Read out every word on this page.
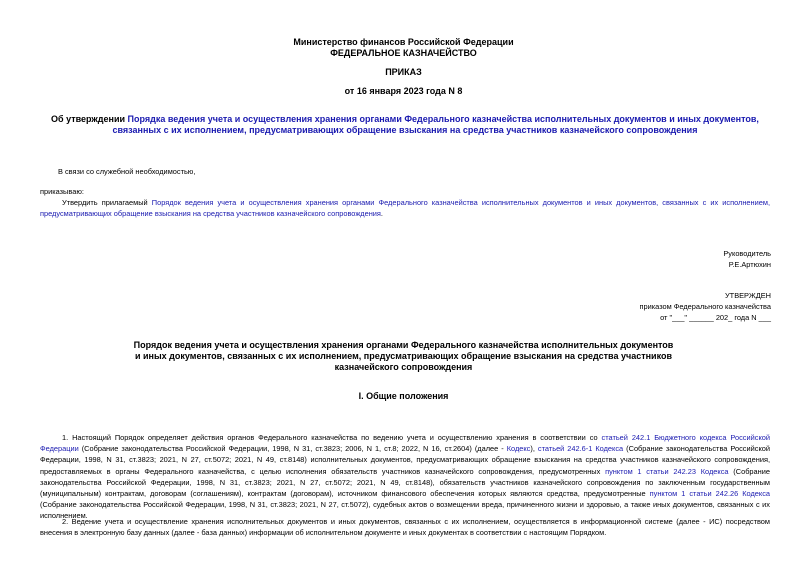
Министерство финансов Российской Федерации
ФЕДЕРАЛЬНОЕ КАЗНАЧЕЙСТВО
ПРИКАЗ
от 16 января 2023 года N 8
Об утверждении Порядка ведения учета и осуществления хранения органами Федерального казначейства исполнительных документов и иных документов, связанных с их исполнением, предусматривающих обращение взыскания на средства участников казначейского сопровождения
В связи со служебной необходимостью,
приказываю:
Утвердить прилагаемый Порядок ведения учета и осуществления хранения органами Федерального казначейства исполнительных документов и иных документов, связанных с их исполнением, предусматривающих обращение взыскания на средства участников казначейского сопровождения.
Руководитель
Р.Е.Артюхин
УТВЕРЖДЕН
приказом Федерального казначейства
от "___" ______ 202_ года N ___
Порядок ведения учета и осуществления хранения органами Федерального казначейства исполнительных документов и иных документов, связанных с их исполнением, предусматривающих обращение взыскания на средства участников казначейского сопровождения
I. Общие положения
1. Настоящий Порядок определяет действия органов Федерального казначейства по ведению учета и осуществлению хранения в соответствии со статьей 242.1 Бюджетного кодекса Российской Федерации (Собрание законодательства Российской Федерации, 1998, N 31, ст.3823; 2006, N 1, ст.8; 2022, N 16, ст.2604) (далее - Кодекс), статьей 242.6-1 Кодекса (Собрание законодательства Российской Федерации, 1998, N 31, ст.3823; 2021, N 27, ст.5072; 2021, N 49, ст.8148) исполнительных документов, предусматривающих обращение взыскания на средства участников казначейского сопровождения, предоставляемых в органы Федерального казначейства, с целью исполнения обязательств участников казначейского сопровождения, предусмотренных пунктом 1 статьи 242.23 Кодекса (Собрание законодательства Российской Федерации, 1998, N 31, ст.3823; 2021, N 27, ст.5072; 2021, N 49, ст.8148), обязательств участников казначейского сопровождения по заключенным государственным (муниципальным) контрактам, договорам (соглашениям), контрактам (договорам), источником финансового обеспечения которых являются средства, предусмотренные пунктом 1 статьи 242.26 Кодекса (Собрание законодательства Российской Федерации, 1998, N 31, ст.3823; 2021, N 27, ст.5072), судебных актов о возмещении вреда, причиненного жизни и здоровью, а также иных документов, связанных с их исполнением.
2. Ведение учета и осуществление хранения исполнительных документов и иных документов, связанных с их исполнением, осуществляется в информационной системе (далее - ИС) посредством внесения в электронную базу данных (далее - база данных) информации об исполнительном документе и иных документах в соответствии с настоящим Порядком.
